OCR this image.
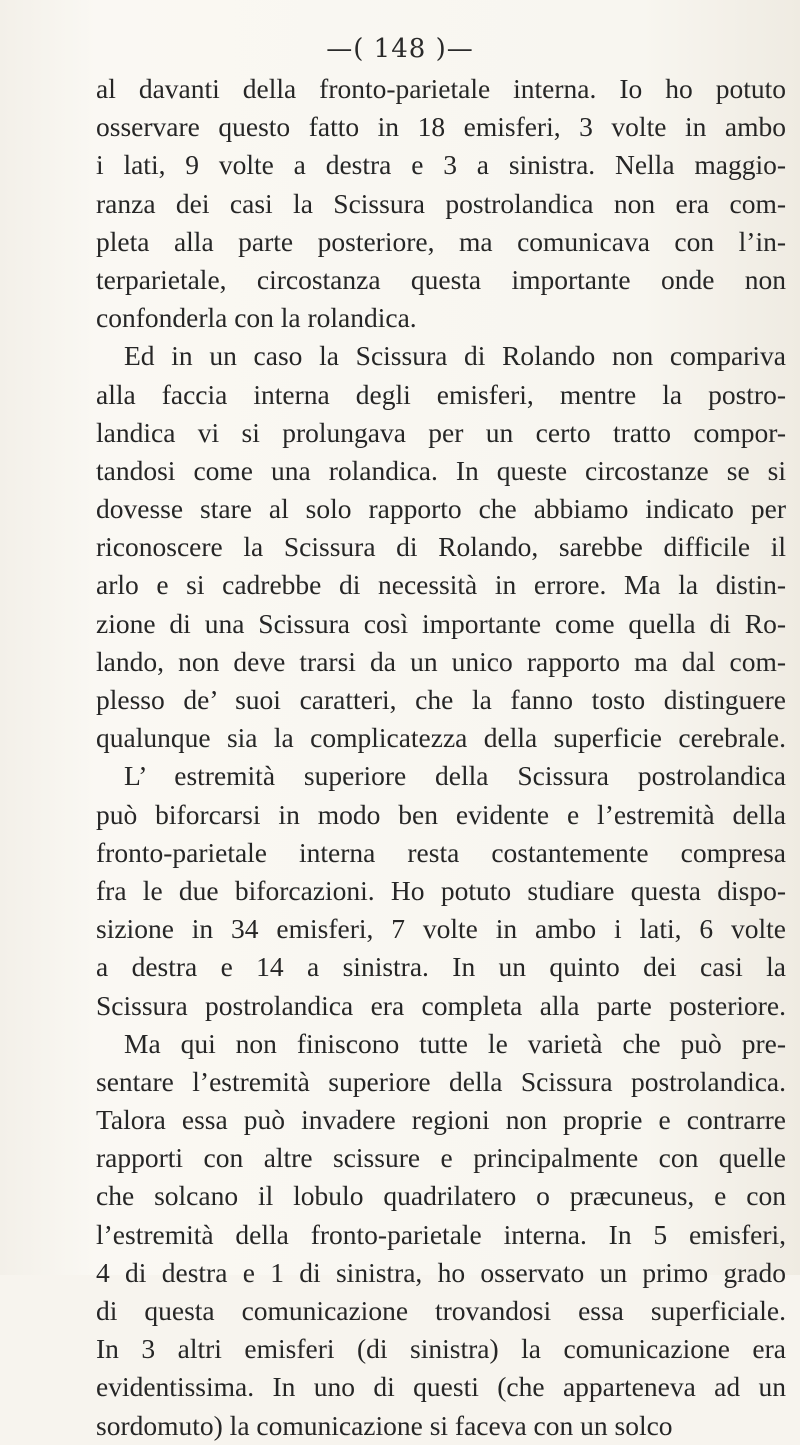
—( 148 )—
al davanti della fronto-parietale interna. Io ho potuto
osservare questo fatto in 18 emisferi, 3 volte in ambo
i lati, 9 volte a destra e 3 a sinistra. Nella maggio-
ranza dei casi la Scissura postrolandica non era com-
pleta alla parte posteriore, ma comunicava con l’in-
terparietale, circostanza questa importante onde non
confonderla con la rolandica.
Ed in un caso la Scissura di Rolando non compariva
alla faccia interna degli emisferi, mentre la postro-
landica vi si prolungava per un certo tratto compor-
tandosi come una rolandica. In queste circostanze se si
dovesse stare al solo rapporto che abbiamo indicato per
riconoscere la Scissura di Rolando, sarebbe difficile il
arlo e si cadrebbe di necessità in errore. Ma la distin-
zione di una Scissura così importante come quella di Ro-
lando, non deve trarsi da un unico rapporto ma dal com-
plesso de’ suoi caratteri, che la fanno tosto distinguere
qualunque sia la complicatezza della superficie cerebrale.
L’ estremità superiore della Scissura postrolandica
può biforcarsi in modo ben evidente e l’estremità della
fronto-parietale interna resta costantemente compresa
fra le due biforcazioni. Ho potuto studiare questa dispo-
sizione in 34 emisferi, 7 volte in ambo i lati, 6 volte
a destra e 14 a sinistra. In un quinto dei casi la
Scissura postrolandica era completa alla parte posteriore.
Ma qui non finiscono tutte le varietà che può pre-
sentare l’estremità superiore della Scissura postrolandica.
Talora essa può invadere regioni non proprie e contrarre
rapporti con altre scissure e principalmente con quelle
che solcano il lobulo quadrilatero o præcuneus, e con
l’estremità della fronto-parietale interna. In 5 emisferi,
4 di destra e 1 di sinistra, ho osservato un primo grado
di questa comunicazione trovandosi essa superficiale.
In 3 altri emisferi (di sinistra) la comunicazione era
evidentissima. In uno di questi (che apparteneva ad un
sordomuto) la comunicazione si faceva con un solco
